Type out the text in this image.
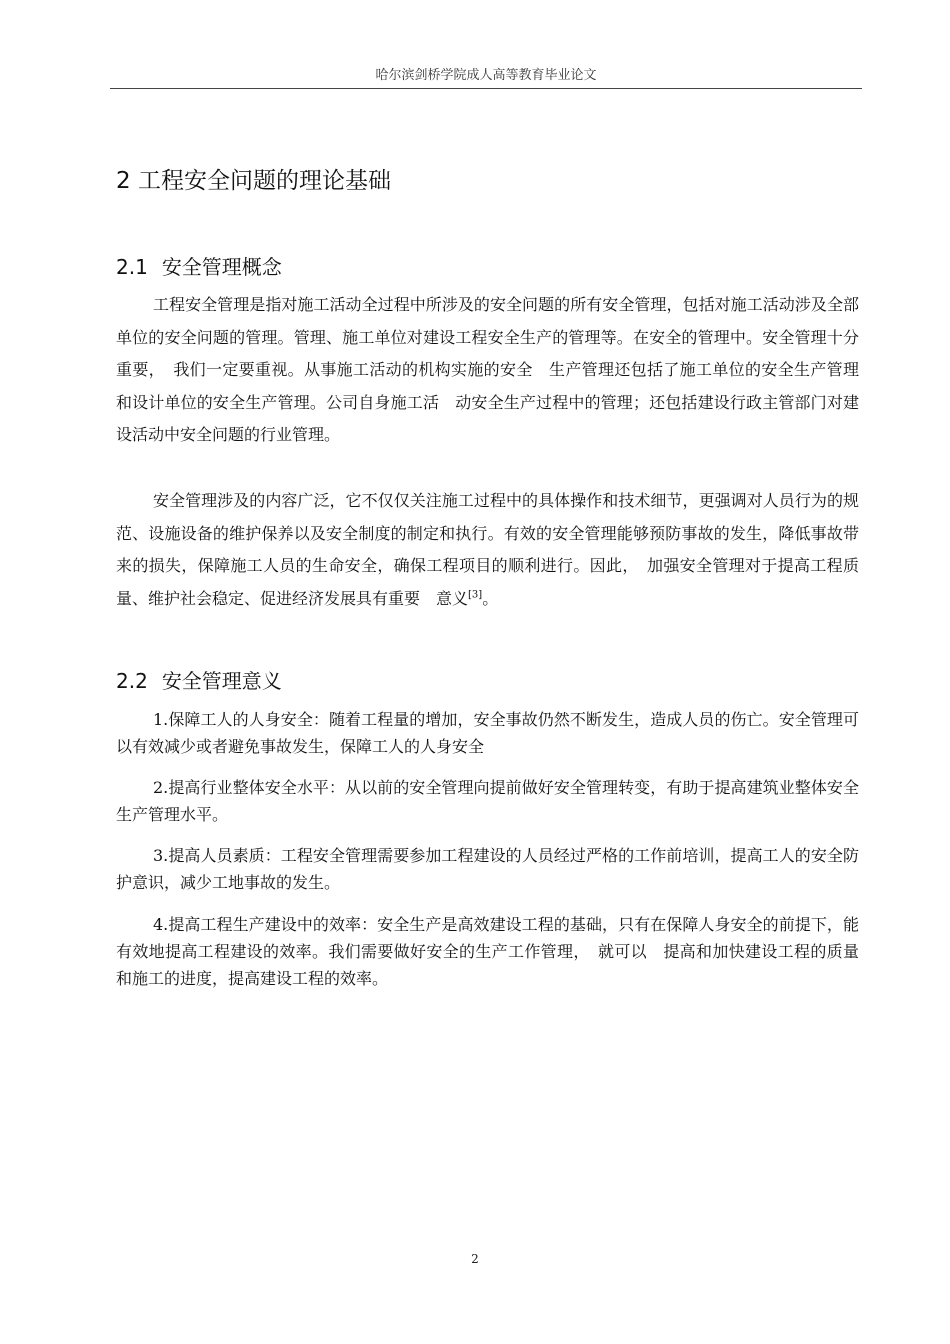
哈尔滨剑桥学院成人高等教育毕业论文
2 工程安全问题的理论基础
2.1 安全管理概念

工程安全管理是指对施工活动全过程中所涉及的安全问题的所有安全管理，包括对施工活动涉及全部单位的安全问题的管理。管理、施工单位对建设工程安全生产的管理等。在安全的管理中。安全管理十分重要，　我们一定要重视。从事施工活动的机构实施的安全　生产管理还包括了施工单位的安全生产管理和设计单位的安全生产管理。公司自身施工活　动安全生产过程中的管理；还包括建设行政主管部门对建设活动中安全问题的行业管理。

安全管理涉及的内容广泛，它不仅仅关注施工过程中的具体操作和技术细节，更强调对人员行为的规范、设施设备的维护保养以及安全制度的制定和执行。有效的安全管理能够预防事故的发生，降低事故带来的损失，保障施工人员的生命安全，确保工程项目的顺利进行。因此，　加强安全管理对于提高工程质量、维护社会稳定、促进经济发展具有重要　意义[3]。

2.2 安全管理意义

1.保障工人的人身安全：随着工程量的增加，安全事故仍然不断发生，造成人员的伤亡。安全管理可以有效减少或者避免事故发生，保障工人的人身安全

2.提高行业整体安全水平：从以前的安全管理向提前做好安全管理转变，有助于提高建筑业整体安全生产管理水平。

3.提高人员素质：工程安全管理需要参加工程建设的人员经过严格的工作前培训，提高工人的安全防护意识，减少工地事故的发生。

4.提高工程生产建设中的效率：安全生产是高效建设工程的基础，只有在保障人身安全的前提下，能有效地提高工程建设的效率。我们需要做好安全的生产工作管理，　就可以　提高和加快建设工程的质量和施工的进度，提高建设工程的效率。

2
